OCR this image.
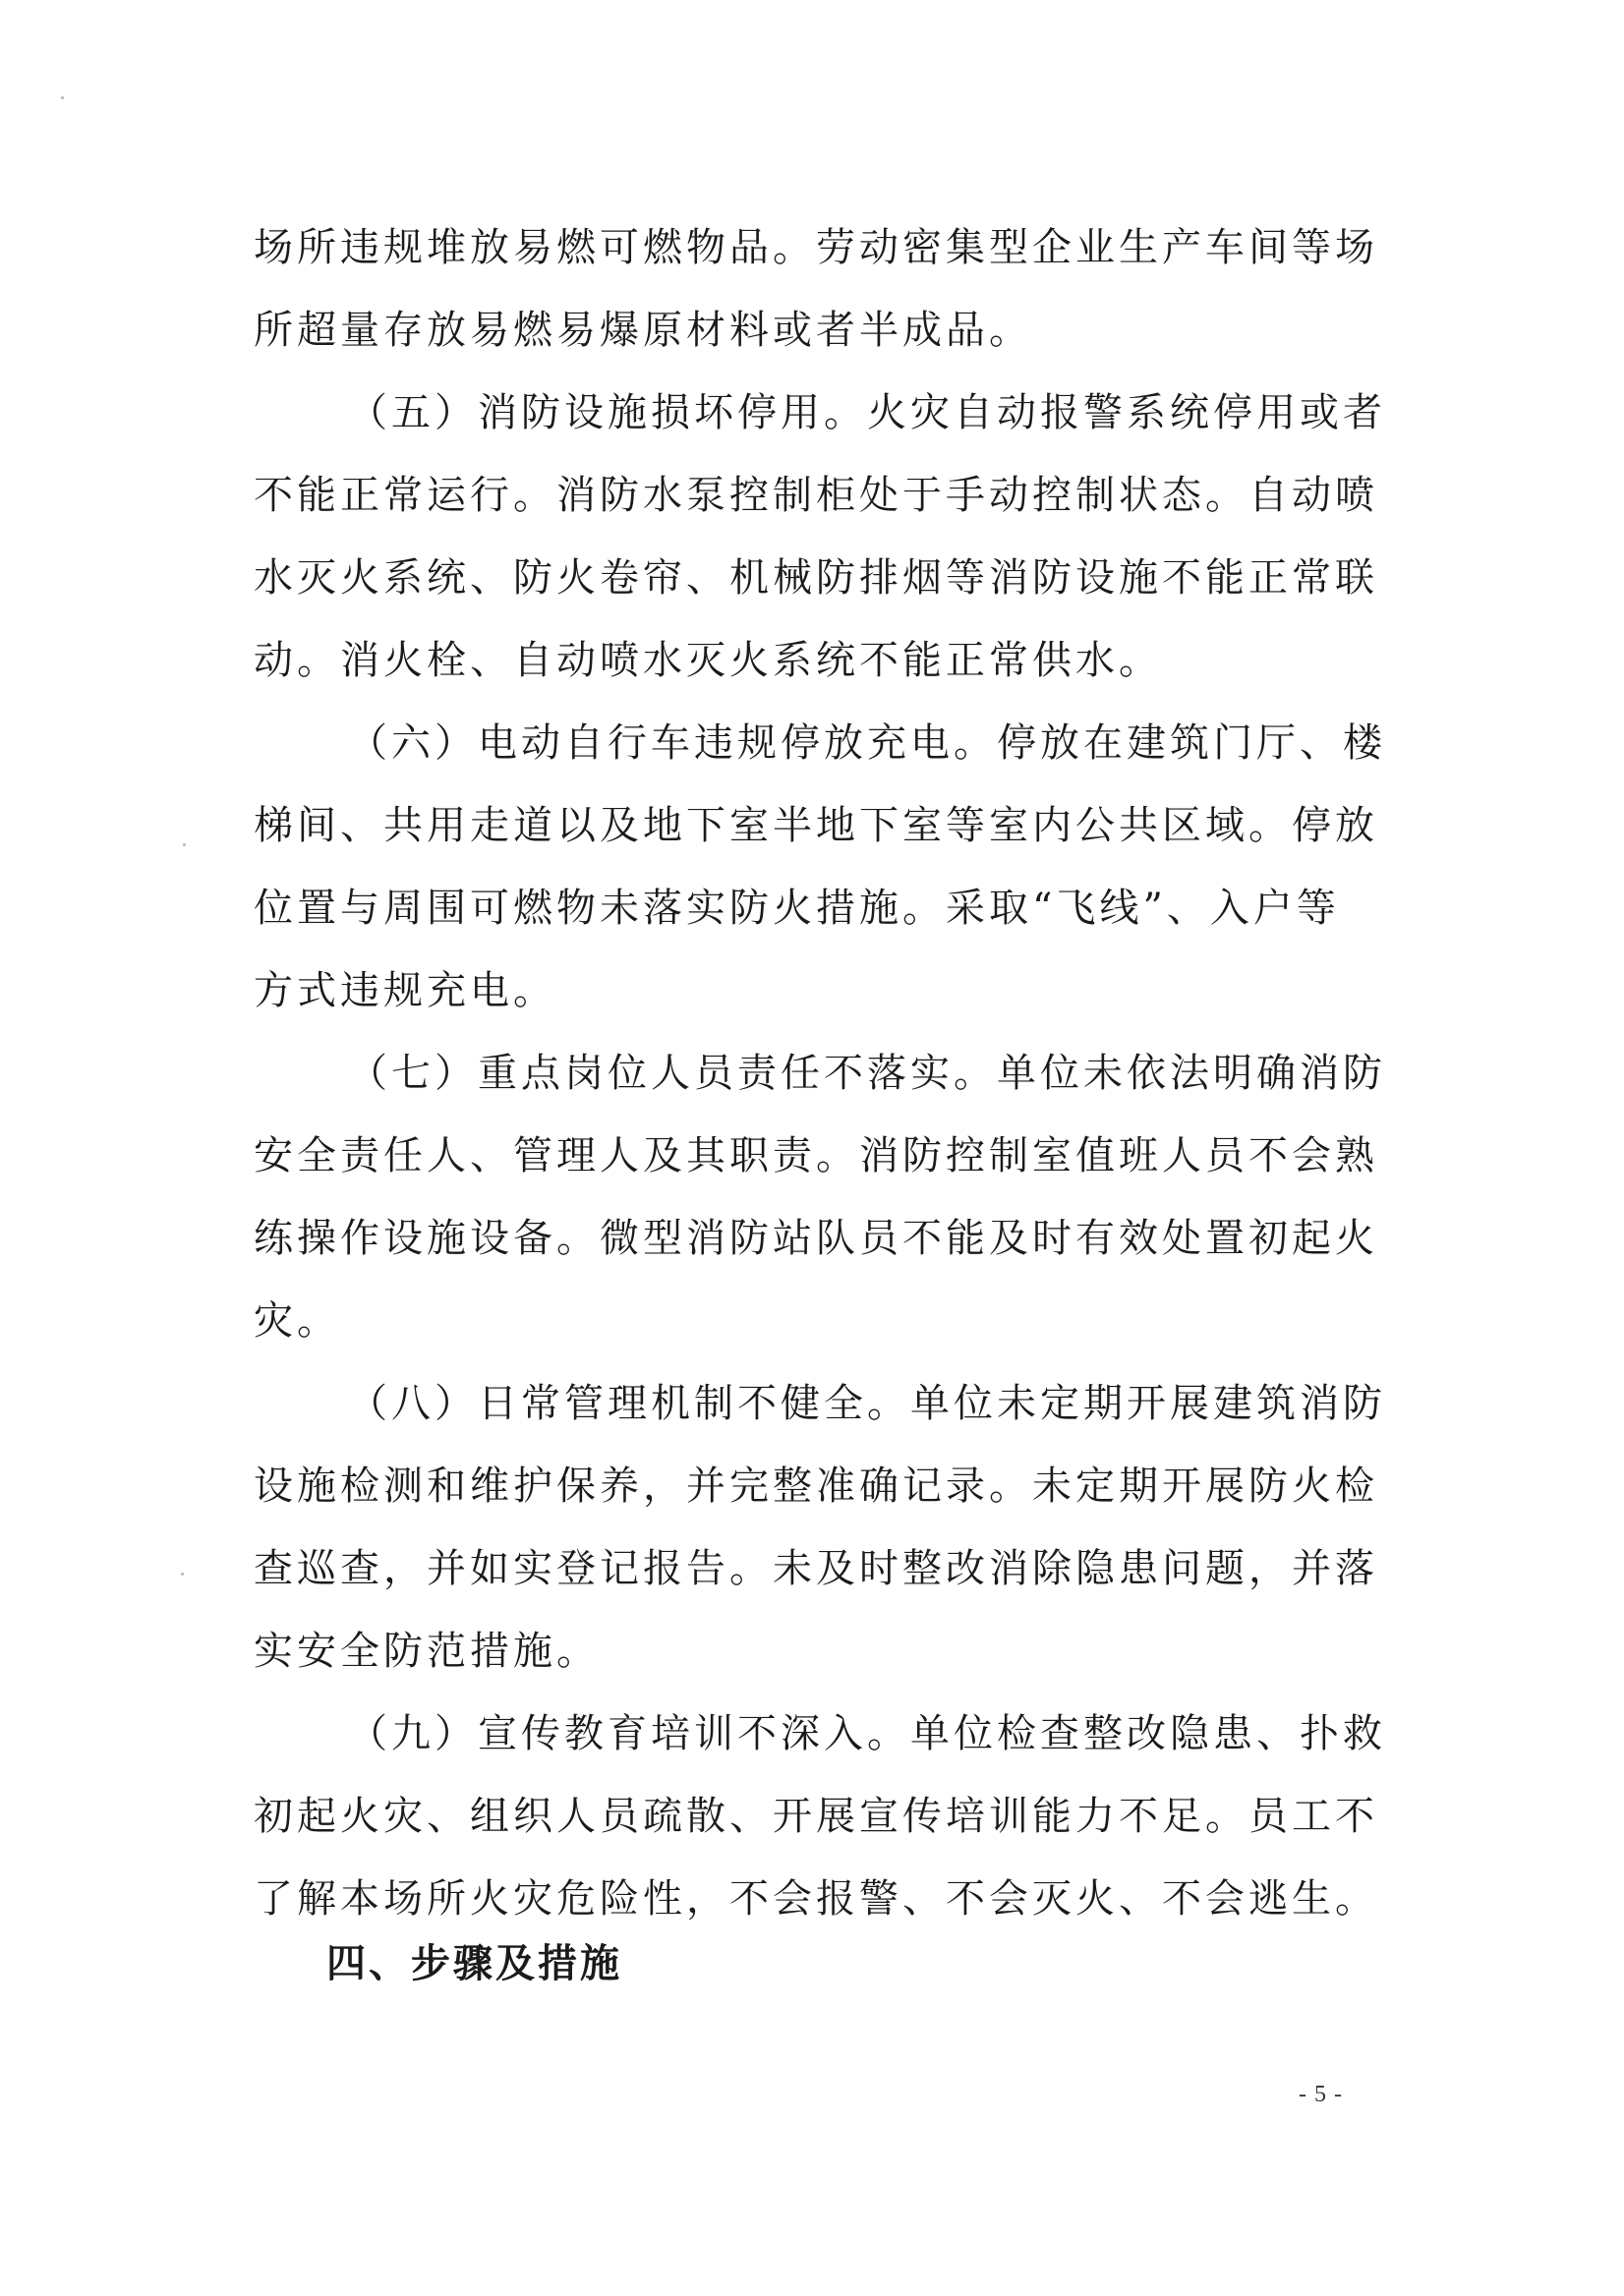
场所违规堆放易燃可燃物品。劳动密集型企业生产车间等场
所超量存放易燃易爆原材料或者半成品。
（五）消防设施损坏停用。火灾自动报警系统停用或者
不能正常运行。消防水泵控制柜处于手动控制状态。自动喷
水灭火系统、防火卷帘、机械防排烟等消防设施不能正常联
动。消火栓、自动喷水灭火系统不能正常供水。
（六）电动自行车违规停放充电。停放在建筑门厅、楼
梯间、共用走道以及地下室半地下室等室内公共区域。停放
位置与周围可燃物未落实防火措施。采取“飞线”、入户等
方式违规充电。
（七）重点岗位人员责任不落实。单位未依法明确消防
安全责任人、管理人及其职责。消防控制室值班人员不会熟
练操作设施设备。微型消防站队员不能及时有效处置初起火
灾。
（八）日常管理机制不健全。单位未定期开展建筑消防
设施检测和维护保养，并完整准确记录。未定期开展防火检
查巡查，并如实登记报告。未及时整改消除隐患问题，并落
实安全防范措施。
（九）宣传教育培训不深入。单位检查整改隐患、扑救
初起火灾、组织人员疏散、开展宣传培训能力不足。员工不
了解本场所火灾危险性，不会报警、不会灭火、不会逃生。
四、步骤及措施
- 5 -
